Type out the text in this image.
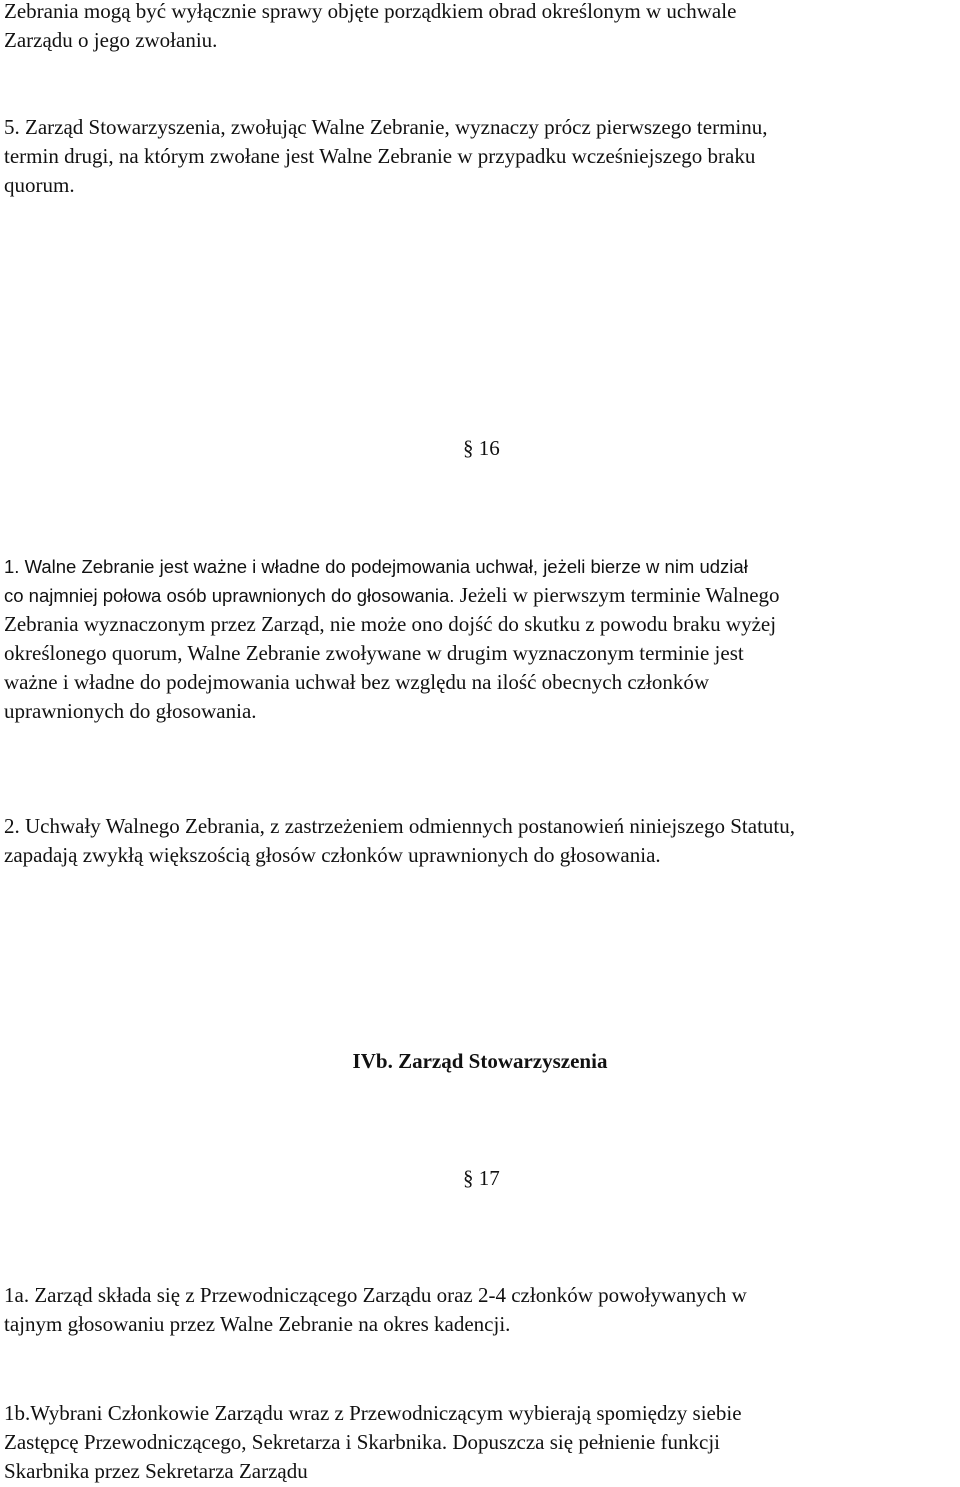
Zebrania mogą być wyłącznie sprawy objęte porządkiem obrad określonym w uchwale
Zarządu o jego zwołaniu.
5. Zarząd Stowarzyszenia, zwołując Walne Zebranie, wyznaczy prócz pierwszego terminu,
termin drugi, na którym zwołane jest Walne Zebranie w przypadku wcześniejszego braku
quorum.
§ 16
1. Walne Zebranie jest ważne i władne do podejmowania uchwał, jeżeli bierze w nim udział
co najmniej połowa osób uprawnionych do głosowania. Jeżeli w pierwszym terminie Walnego
Zebrania wyznaczonym przez Zarząd, nie może ono dojść do skutku z powodu braku wyżej
określonego quorum, Walne Zebranie zwoływane w drugim wyznaczonym terminie jest
ważne i władne do podejmowania uchwał bez względu na ilość obecnych członków
uprawnionych do głosowania.
2. Uchwały Walnego Zebrania, z zastrzeżeniem odmiennych postanowień niniejszego Statutu,
zapadają zwykłą większością głosów członków uprawnionych do głosowania.
IVb. Zarząd Stowarzyszenia
§ 17
1a. Zarząd składa się z Przewodniczącego Zarządu oraz 2-4 członków powoływanych w
tajnym głosowaniu przez Walne Zebranie na okres kadencji.
1b.Wybrani Członkowie Zarządu wraz z Przewodniczącym wybierają spomiędzy siebie
Zastępcę Przewodniczącego, Sekretarza i Skarbnika. Dopuszcza się pełnienie funkcji
Skarbnika przez Sekretarza Zarządu
